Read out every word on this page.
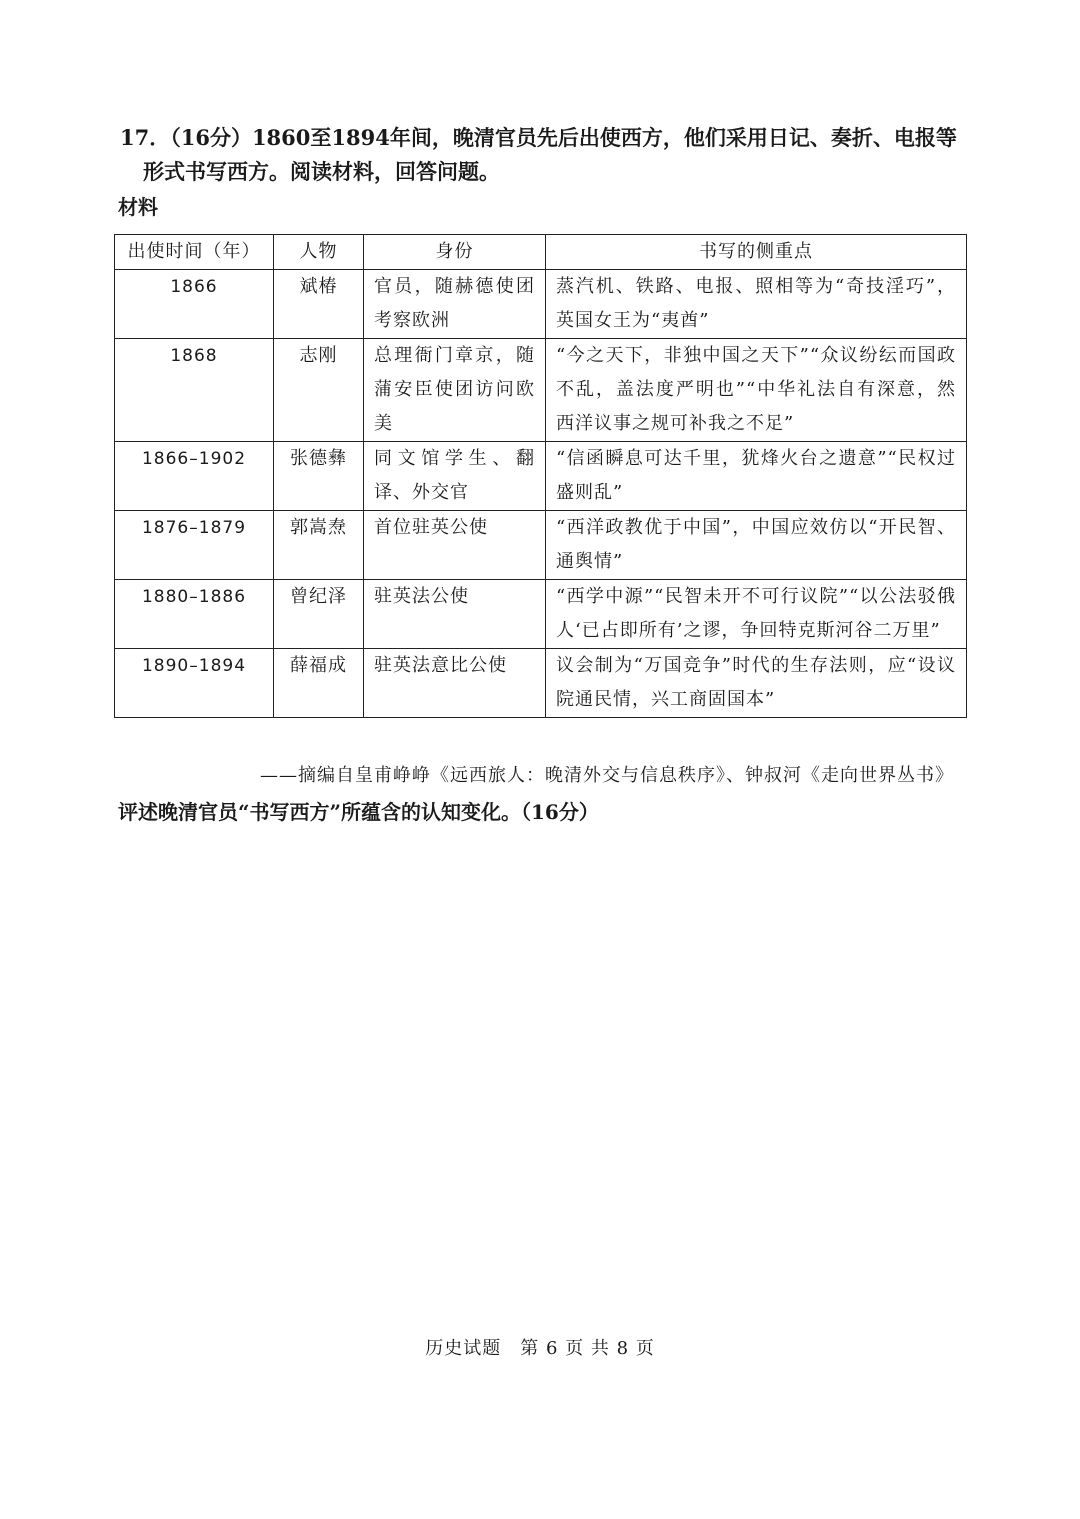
17．（16分）1860至1894年间，晚清官员先后出使西方，他们采用日记、奏折、电报等
形式书写西方。阅读材料，回答问题。
材料
出使时间（年）	人物	身份	书写的侧重点
1866	斌椿	官员，随赫德使团考察欧洲	蒸汽机、铁路、电报、照相等为“奇技淫巧”，英国女王为“夷酋”
1868	志刚	总理衙门章京，随蒲安臣使团访问欧美	“今之天下，非独中国之天下”“众议纷纭而国政不乱，盖法度严明也”“中华礼法自有深意，然西洋议事之规可补我之不足”
1866–1902	张德彝	同文馆学生、翻译、外交官	“信函瞬息可达千里，犹烽火台之遗意”“民权过盛则乱”
1876–1879	郭嵩焘	首位驻英公使	“西洋政教优于中国”，中国应效仿以“开民智、通舆情”
1880–1886	曾纪泽	驻英法公使	“西学中源”“民智未开不可行议院”“以公法驳俄人‘已占即所有’之谬，争回特克斯河谷二万里”
1890–1894	薛福成	驻英法意比公使	议会制为“万国竞争”时代的生存法则，应“设议院通民情，兴工商固国本”
——摘编自皇甫峥峥《远西旅人：晚清外交与信息秩序》、钟叔河《走向世界丛书》
评述晚清官员“书写西方”所蕴含的认知变化。（16分）
历史试题　第 6 页 共 8 页
